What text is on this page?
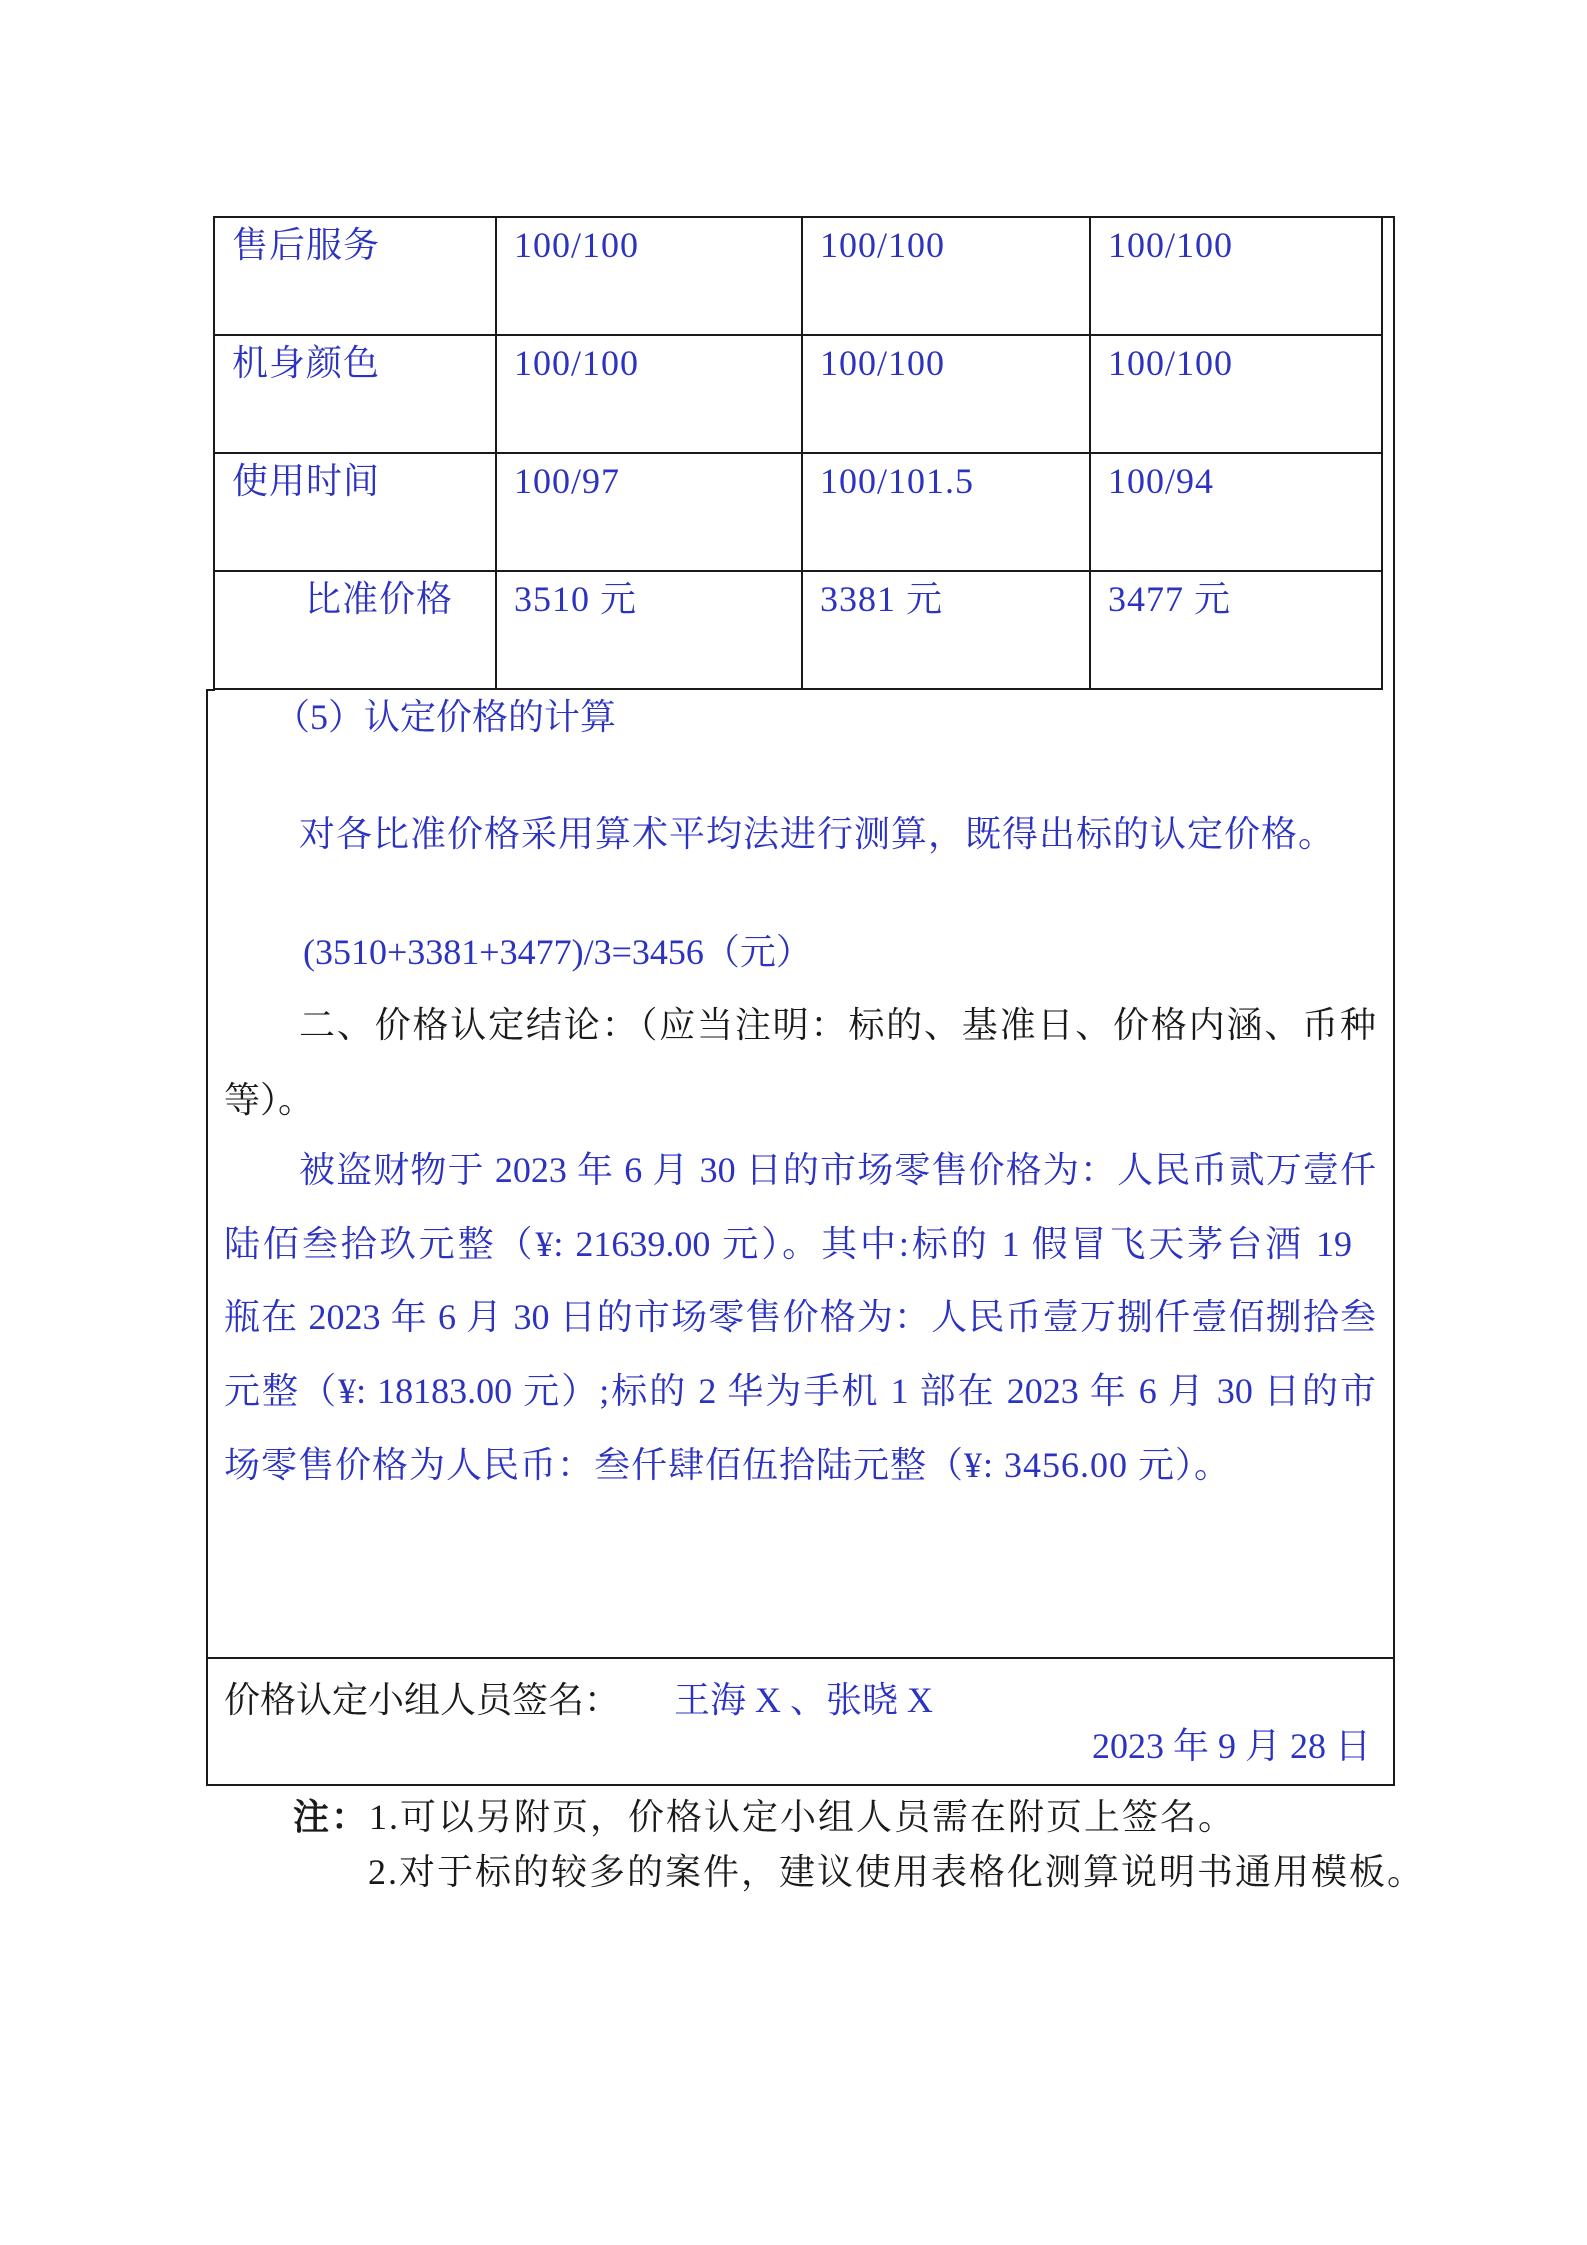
售后服务	100/100	100/100	100/100
机身颜色	100/100	100/100	100/100
使用时间	100/97	100/101.5	100/94
比准价格	3510 元	3381 元	3477 元
（5）认定价格的计算
对各比准价格采用算术平均法进行测算，既得出标的认定价格。
(3510+3381+3477)/3=3456（元）
二、价格认定结论：（应当注明：标的、基准日、价格内涵、币种
等）。
被盗财物于 2023 年 6 月 30 日的市场零售价格为：人民币贰万壹仟
陆佰叁拾玖元整（¥: 21639.00 元）。其中:标的 1 假冒飞天茅台酒 19
瓶在 2023 年 6 月 30 日的市场零售价格为：人民币壹万捌仟壹佰捌拾叁
元整（¥: 18183.00 元）;标的 2 华为手机 1 部在 2023 年 6 月 30 日的市
场零售价格为人民币：叁仟肆佰伍拾陆元整（¥: 3456.00 元）。
价格认定小组人员签名： 王海 X 、张晓 X
2023 年 9 月 28 日
注：1.可以另附页，价格认定小组人员需在附页上签名。
2.对于标的较多的案件，建议使用表格化测算说明书通用模板。
